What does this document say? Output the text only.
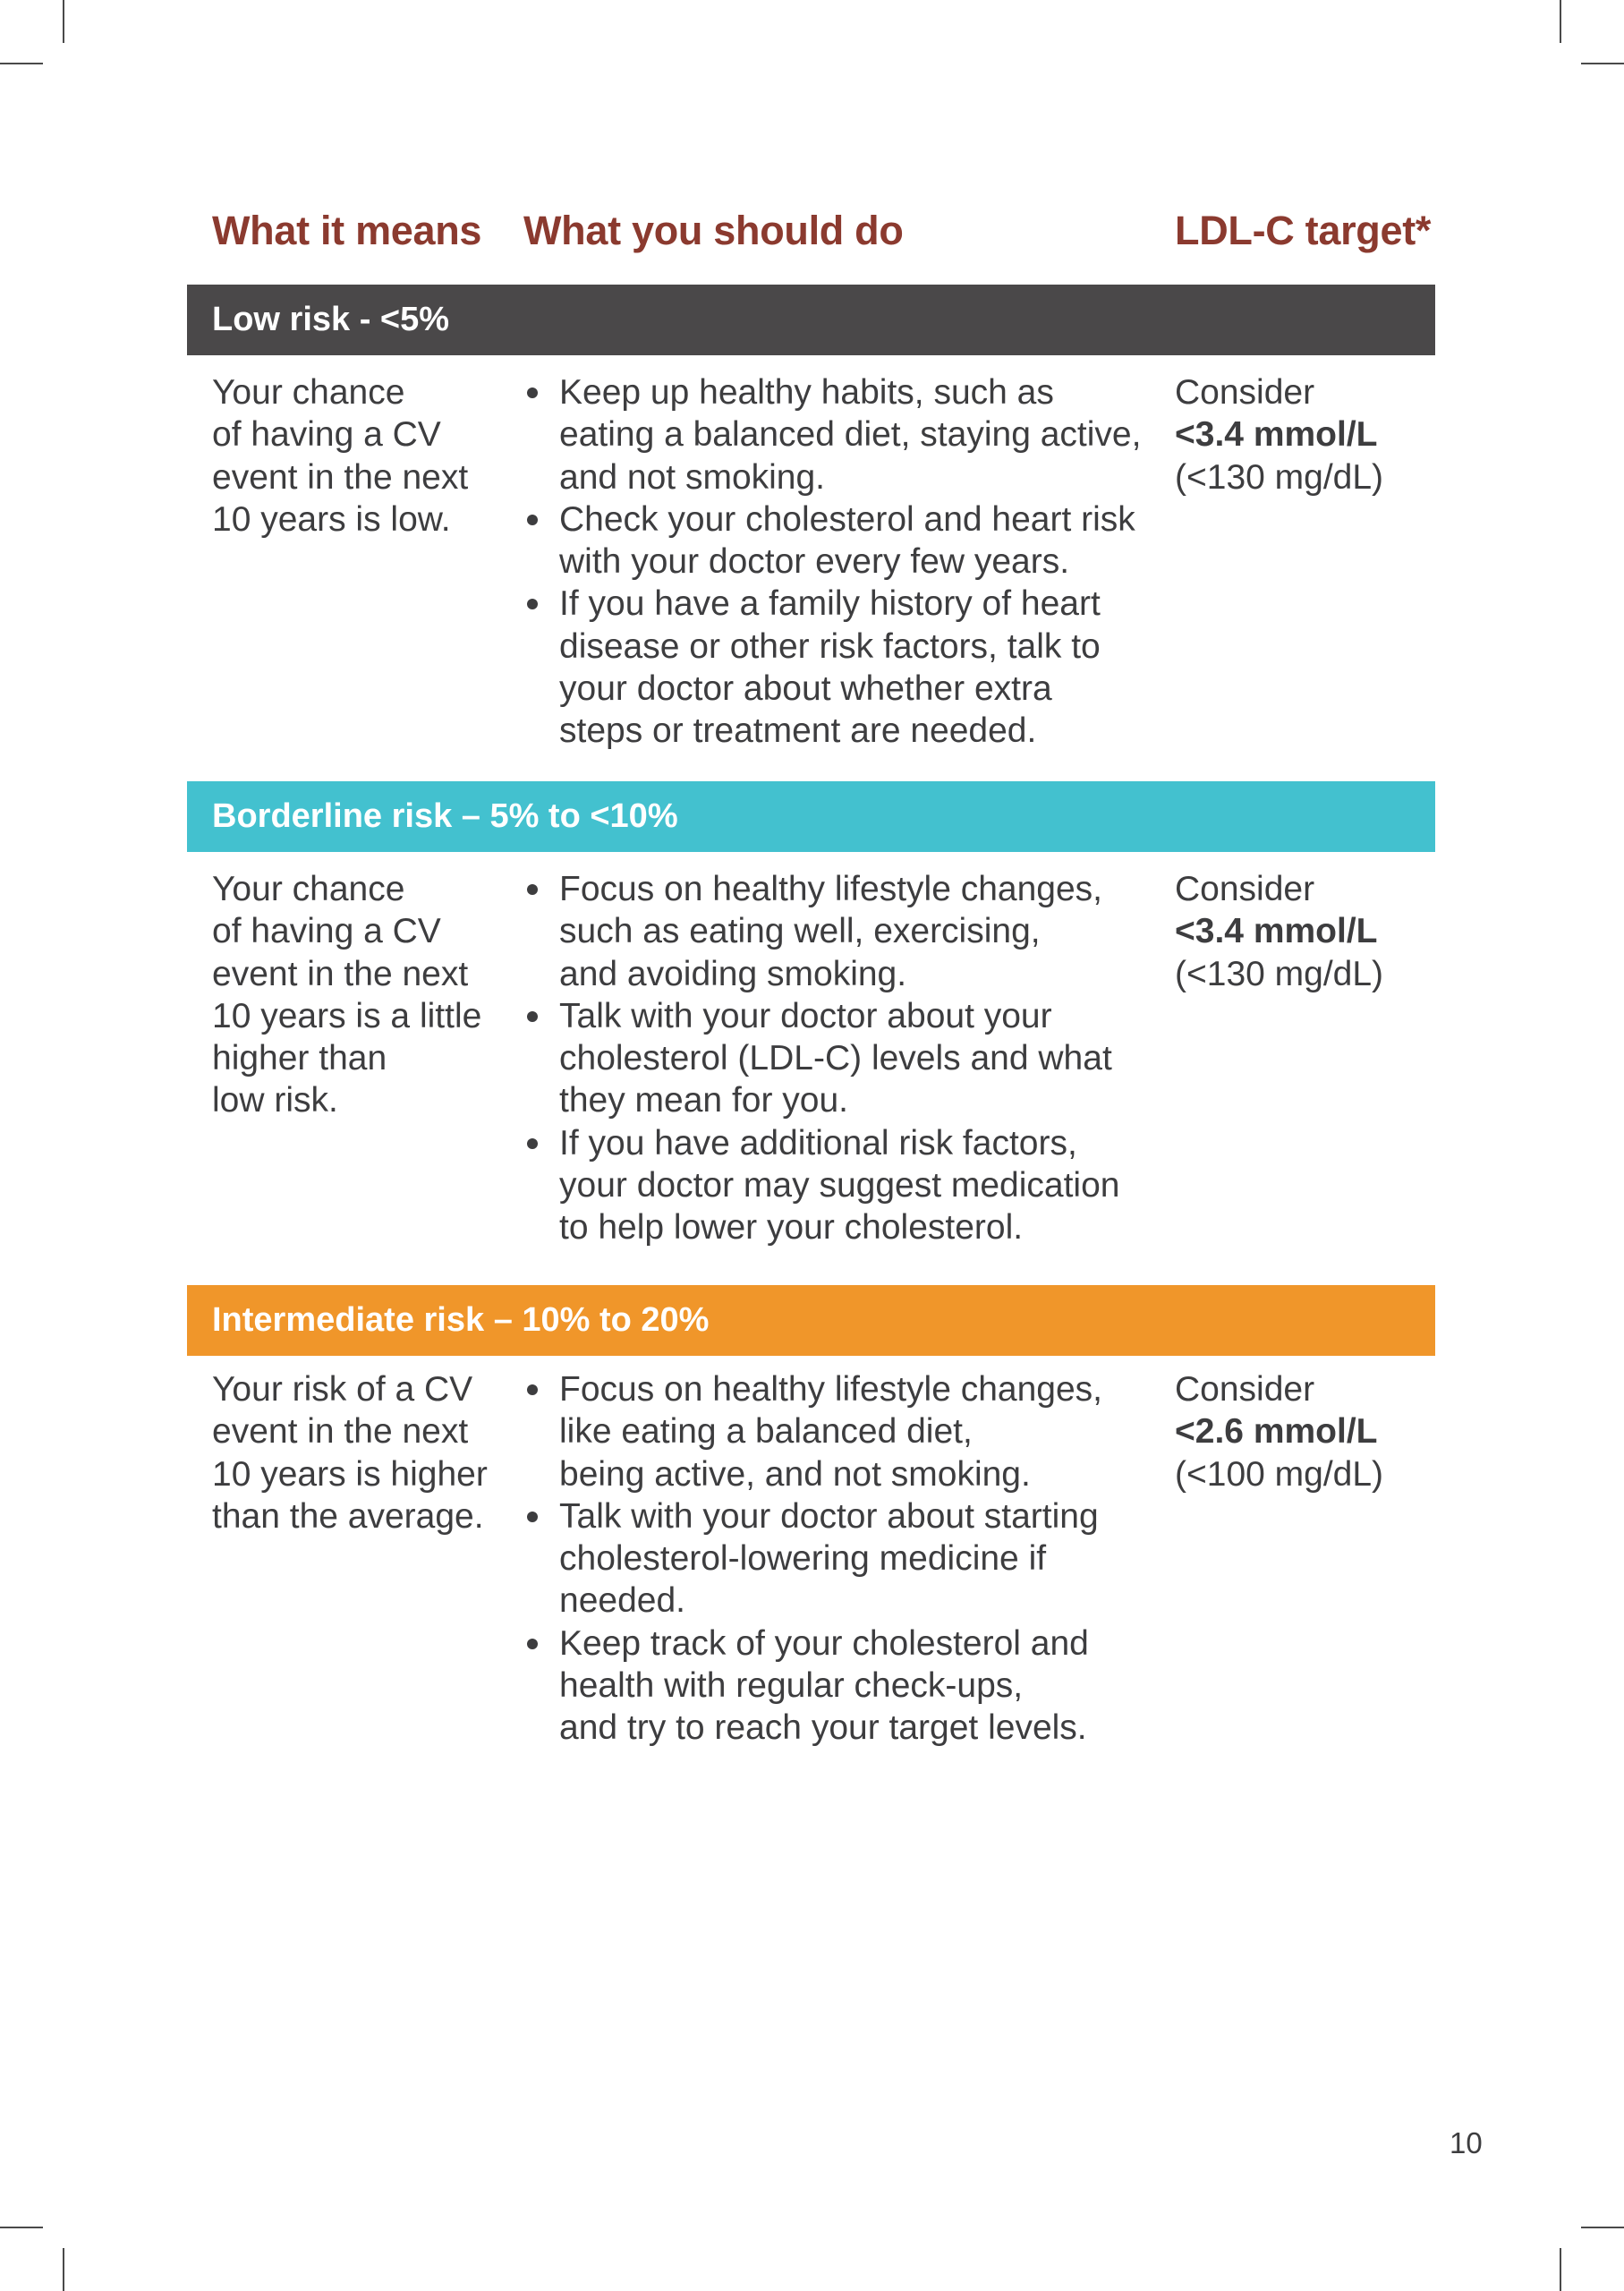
What it means What you should do	LDL-C target*
Low risk - <5%
Your chance
of having a CV
event in the next
10 years is low.
Keep up healthy habits, such as
eating a balanced diet, staying active,
and not smoking.
Check your cholesterol and heart risk
with your doctor every few years.
If you have a family history of heart
disease or other risk factors, talk to
your doctor about whether extra
steps or treatment are needed.
Consider
<3.4 mmol/L
(<130 mg/dL)
Borderline risk – 5% to <10%
Your chance
of having a CV
event in the next
10 years is a little
higher than
low risk.
Focus on healthy lifestyle changes,
such as eating well, exercising,
and avoiding smoking.
Talk with your doctor about your
cholesterol (LDL-C) levels and what
they mean for you.
If you have additional risk factors,
your doctor may suggest medication
to help lower your cholesterol.
Consider
<3.4 mmol/L
(<130 mg/dL)
Intermediate risk – 10% to 20%
Your risk of a CV
event in the next
10 years is higher
than the average.
Focus on healthy lifestyle changes,
like eating a balanced diet,
being active, and not smoking.
Talk with your doctor about starting
cholesterol-lowering medicine if
needed.
Keep track of your cholesterol and
health with regular check-ups,
and try to reach your target levels.
Consider
<2.6 mmol/L
(<100 mg/dL)
10
